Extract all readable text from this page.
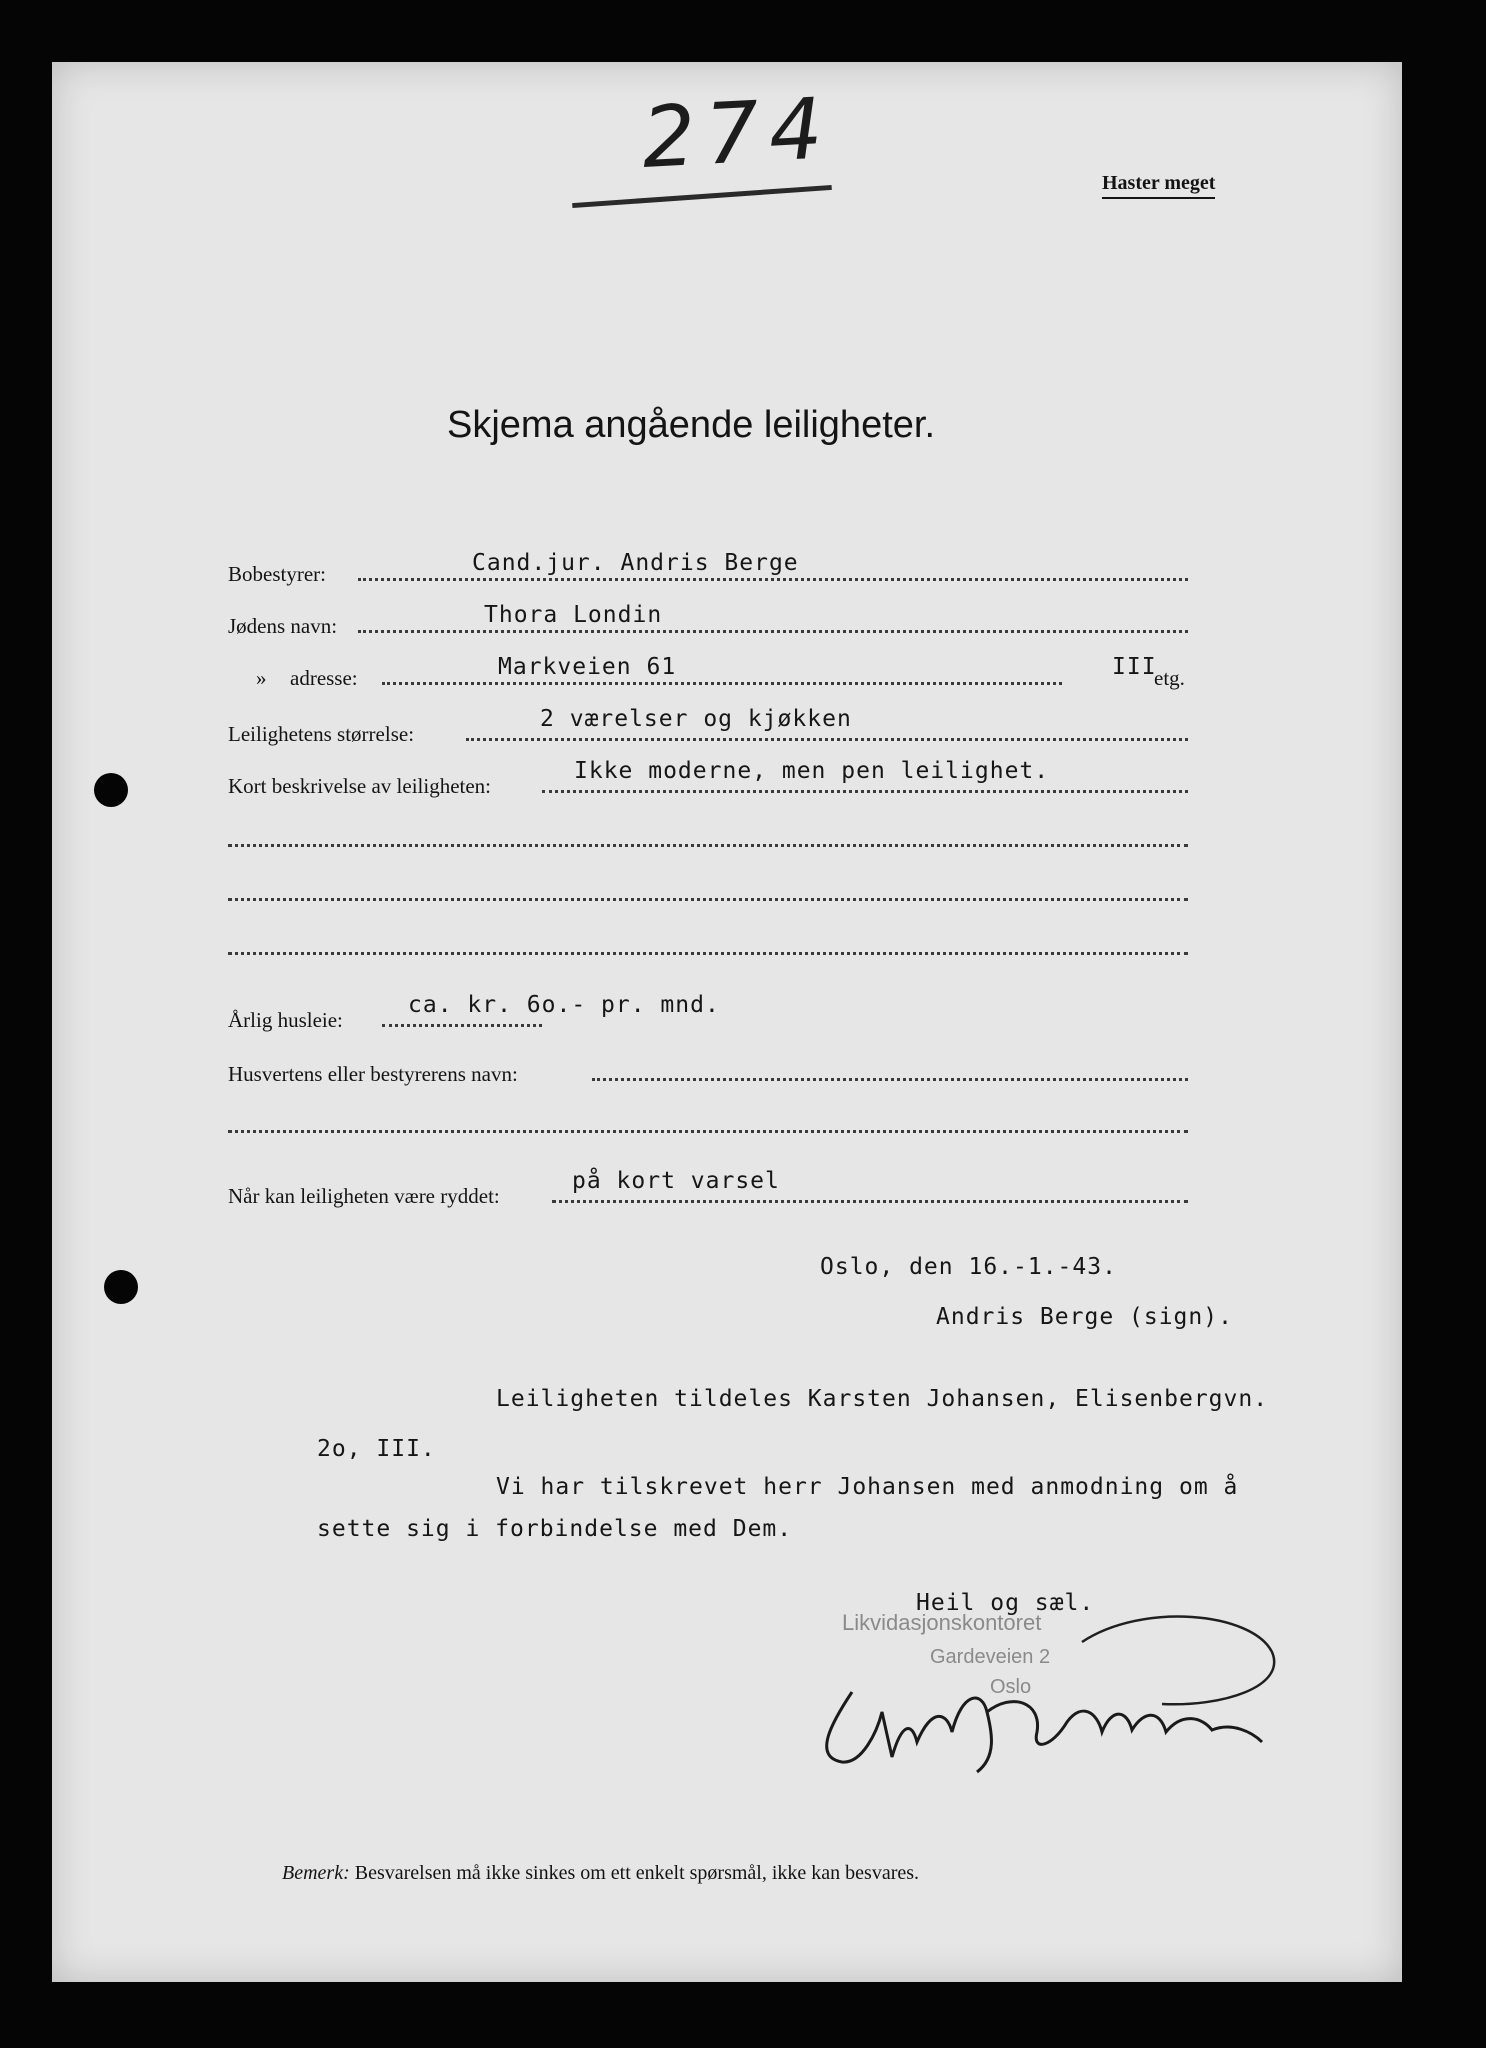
274	Haster meget
Skjema angående leiligheter.
Bobestyrer:	Cand.jur. Andris Berge
Jødens navn:	Thora Londin
» adresse:	Markveien 61	III
etg.
Leilighetens størrelse:
2 værelser og kjøkken
Kort beskrivelse av leiligheten:
Ikke moderne, men pen leilighet.
Årlig husleie:
ca. kr. 6o.- pr. mnd.
Husvertens eller bestyrerens navn:
Når kan leiligheten være ryddet:
på kort varsel
Oslo, den 16.-1.-43.
Andris Berge (sign).
Leiligheten tildeles Karsten Johansen, Elisenbergvn.
2o, III.
Vi har tilskrevet herr Johansen med anmodning om å
sette sig i forbindelse med Dem.
Heil og sæl.
Likvidasjonskontoret
Gardeveien 2
Oslo
Bemerk: Besvarelsen må ikke sinkes om ett enkelt spørsmål, ikke kan besvares.
